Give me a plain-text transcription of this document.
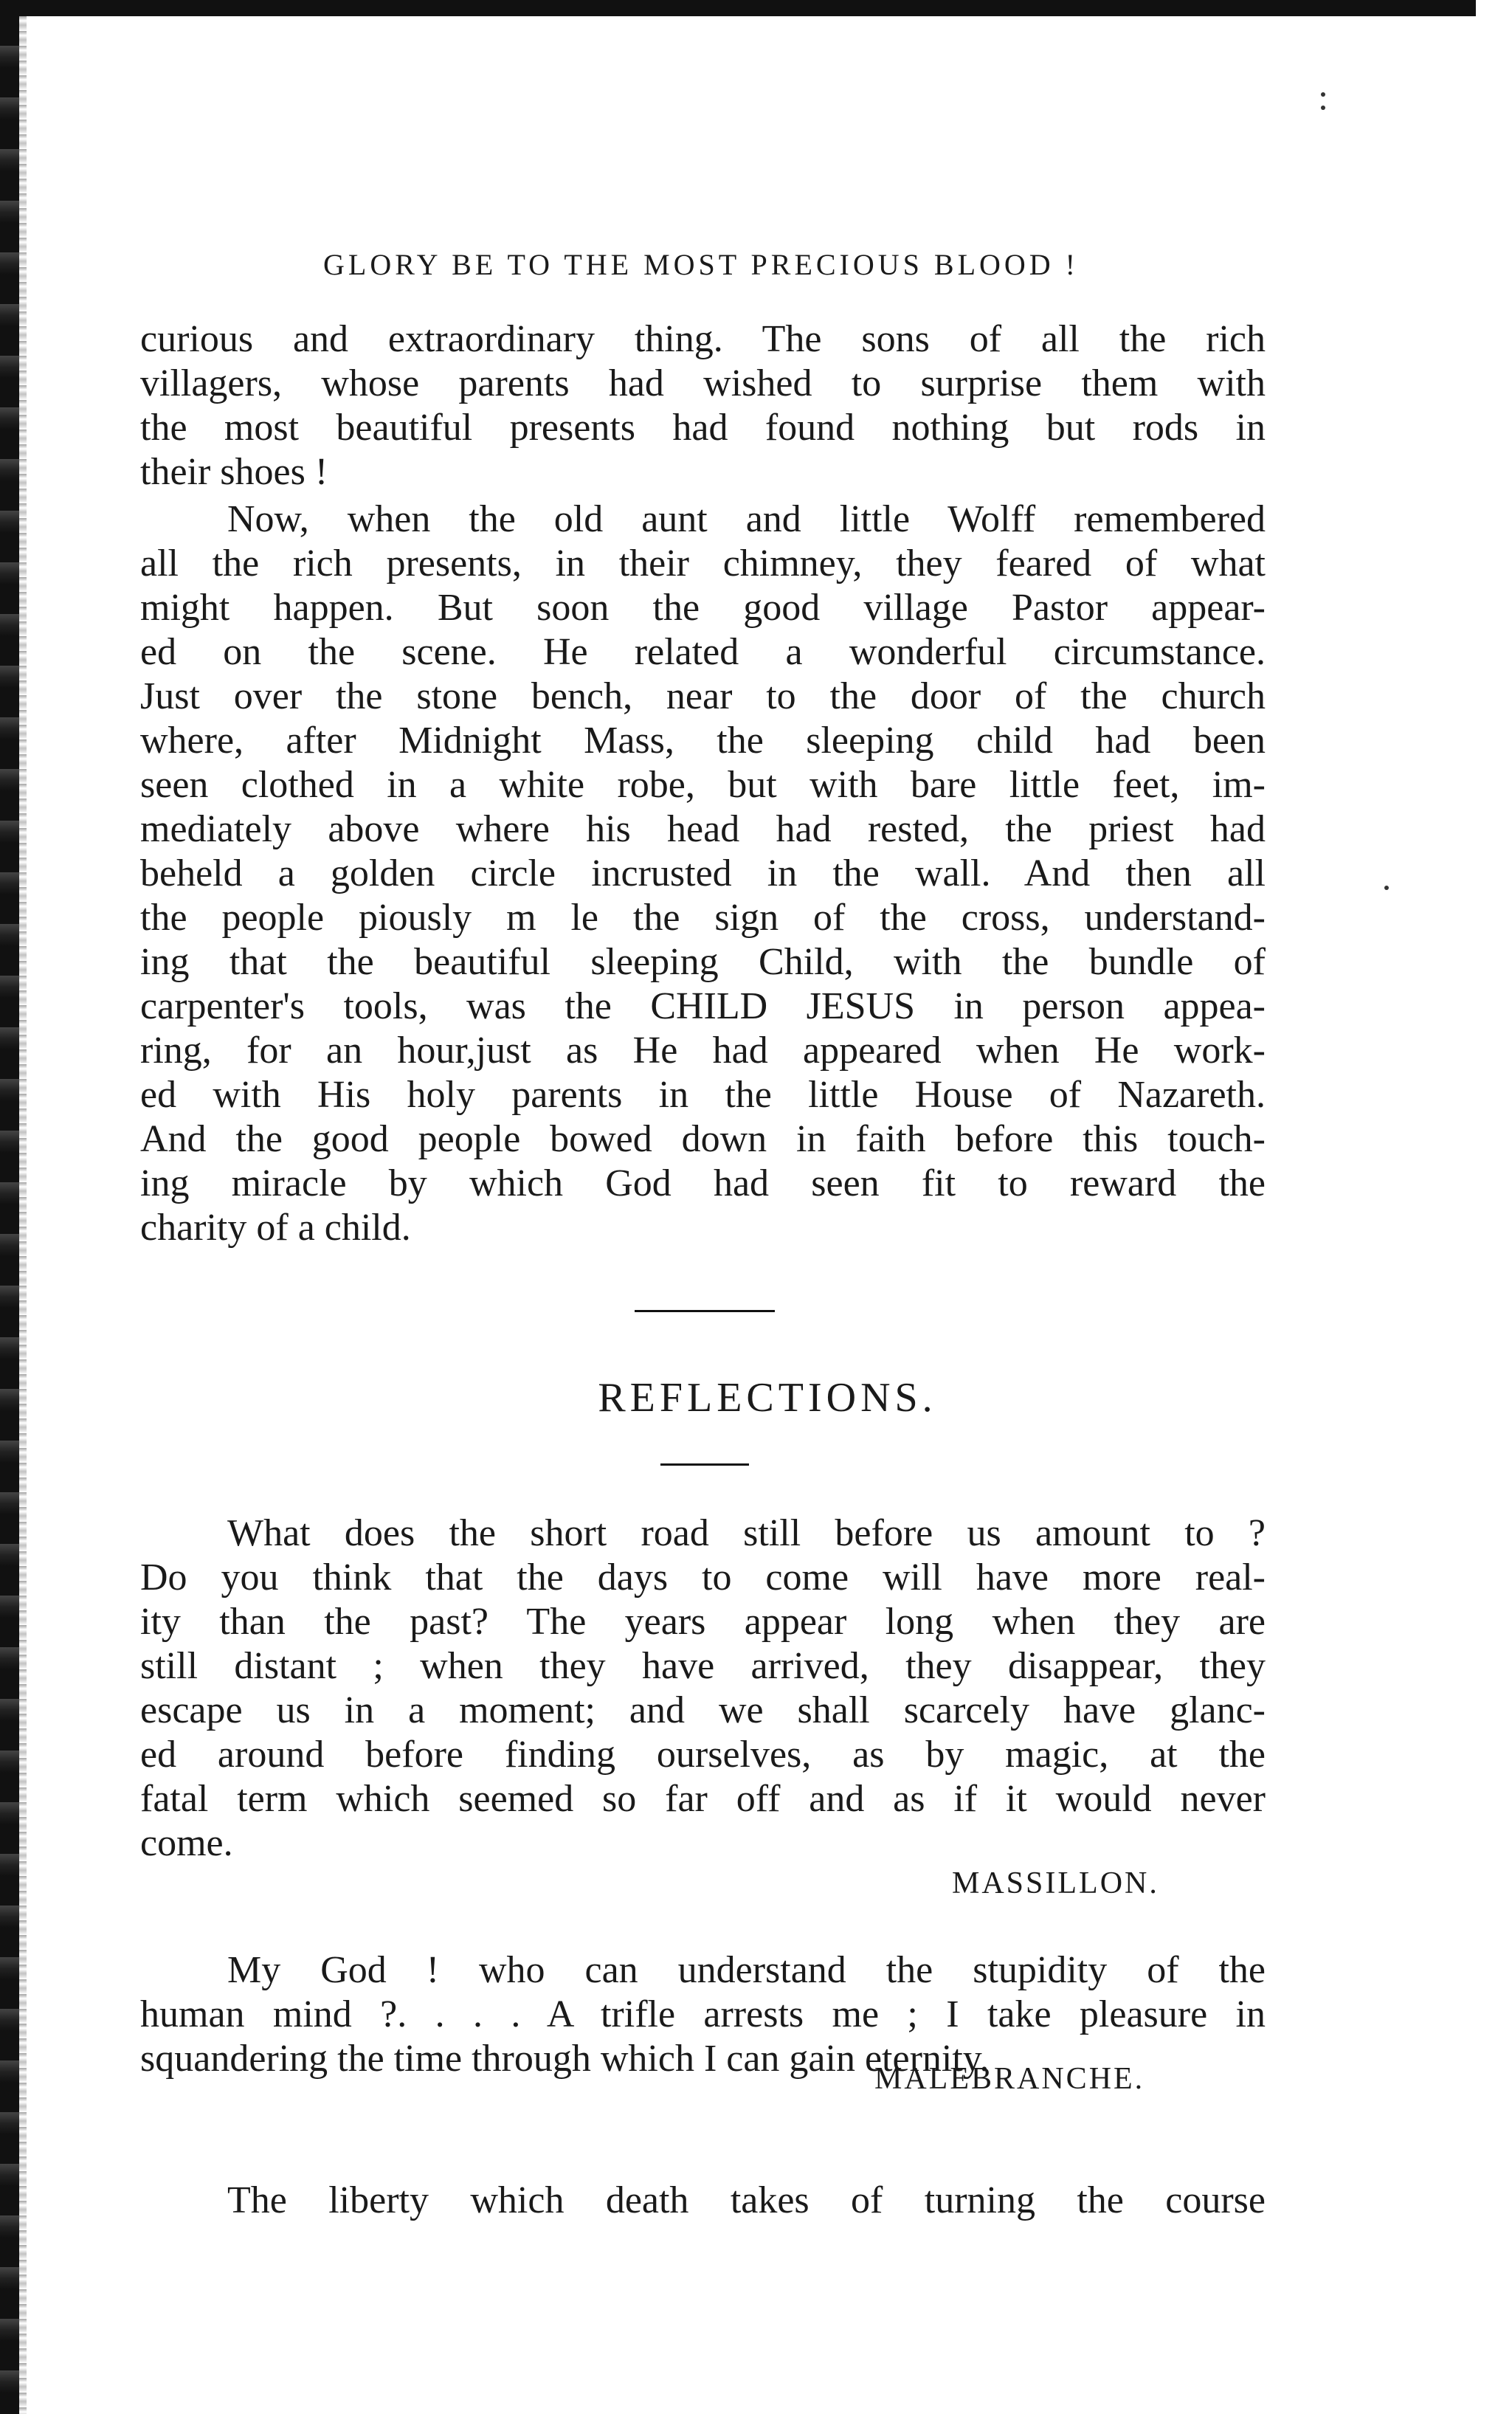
GLORY BE TO THE MOST PRECIOUS BLOOD !
curious and extraordinary thing. The sons of all the rich
villagers, whose parents had wished to surprise them with
the most beautiful presents had found nothing but rods in
their shoes !
Now, when the old aunt and little Wolff remembered
all the rich presents, in their chimney, they feared of what
might happen. But soon the good village Pastor appear-
ed on the scene. He related a wonderful circumstance.
Just over the stone bench, near to the door of the church
where, after Midnight Mass, the sleeping child had been
seen clothed in a white robe, but with bare little feet, im-
mediately above where his head had rested, the priest had
beheld a golden circle incrusted in the wall. And then all
the people piously m le the sign of the cross, understand-
ing that the beautiful sleeping Child, with the bundle of
carpenter's tools, was the CHILD JESUS in person appea-
ring, for an hour,just as He had appeared when He work-
ed with His holy parents in the little House of Nazareth.
And the good people bowed down in faith before this touch-
ing miracle by which God had seen fit to reward the
charity of a child.
REFLECTIONS.
What does the short road still before us amount to ?
Do you think that the days to come will have more real-
ity than the past? The years appear long when they are
still distant ; when they have arrived, they disappear, they
escape us in a moment; and we shall scarcely have glanc-
ed around before finding ourselves, as by magic, at the
fatal term which seemed so far off and as if it would never
come.
MASSILLON.
My God ! who can understand the stupidity of the
human mind ?. . . . A trifle arrests me ; I take pleasure in
squandering the time through which I can gain eternity.
MALEBRANCHE.
The liberty which death takes of turning the course
